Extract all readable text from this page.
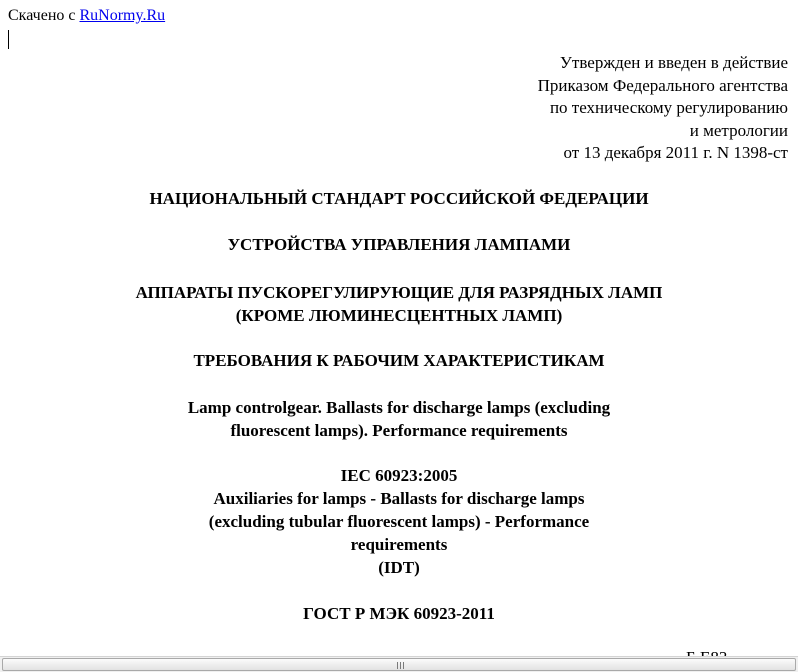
Скачено с RuNormy.Ru
Утвержден и введен в действие
Приказом Федерального агентства
по техническому регулированию
и метрологии
от 13 декабря 2011 г. N 1398-ст
НАЦИОНАЛЬНЫЙ СТАНДАРТ РОССИЙСКОЙ ФЕДЕРАЦИИ
УСТРОЙСТВА УПРАВЛЕНИЯ ЛАМПАМИ
АППАРАТЫ ПУСКОРЕГУЛИРУЮЩИЕ ДЛЯ РАЗРЯДНЫХ ЛАМП
(КРОМЕ ЛЮМИНЕСЦЕНТНЫХ ЛАМП)
ТРЕБОВАНИЯ К РАБОЧИМ ХАРАКТЕРИСТИКАМ
Lamp controlgear. Ballasts for discharge lamps (excluding
fluorescent lamps). Performance requirements
IEC 60923:2005
Auxiliaries for lamps - Ballasts for discharge lamps
(excluding tubular fluorescent lamps) - Performance
requirements
(IDT)
ГОСТ Р МЭК 60923-2011
